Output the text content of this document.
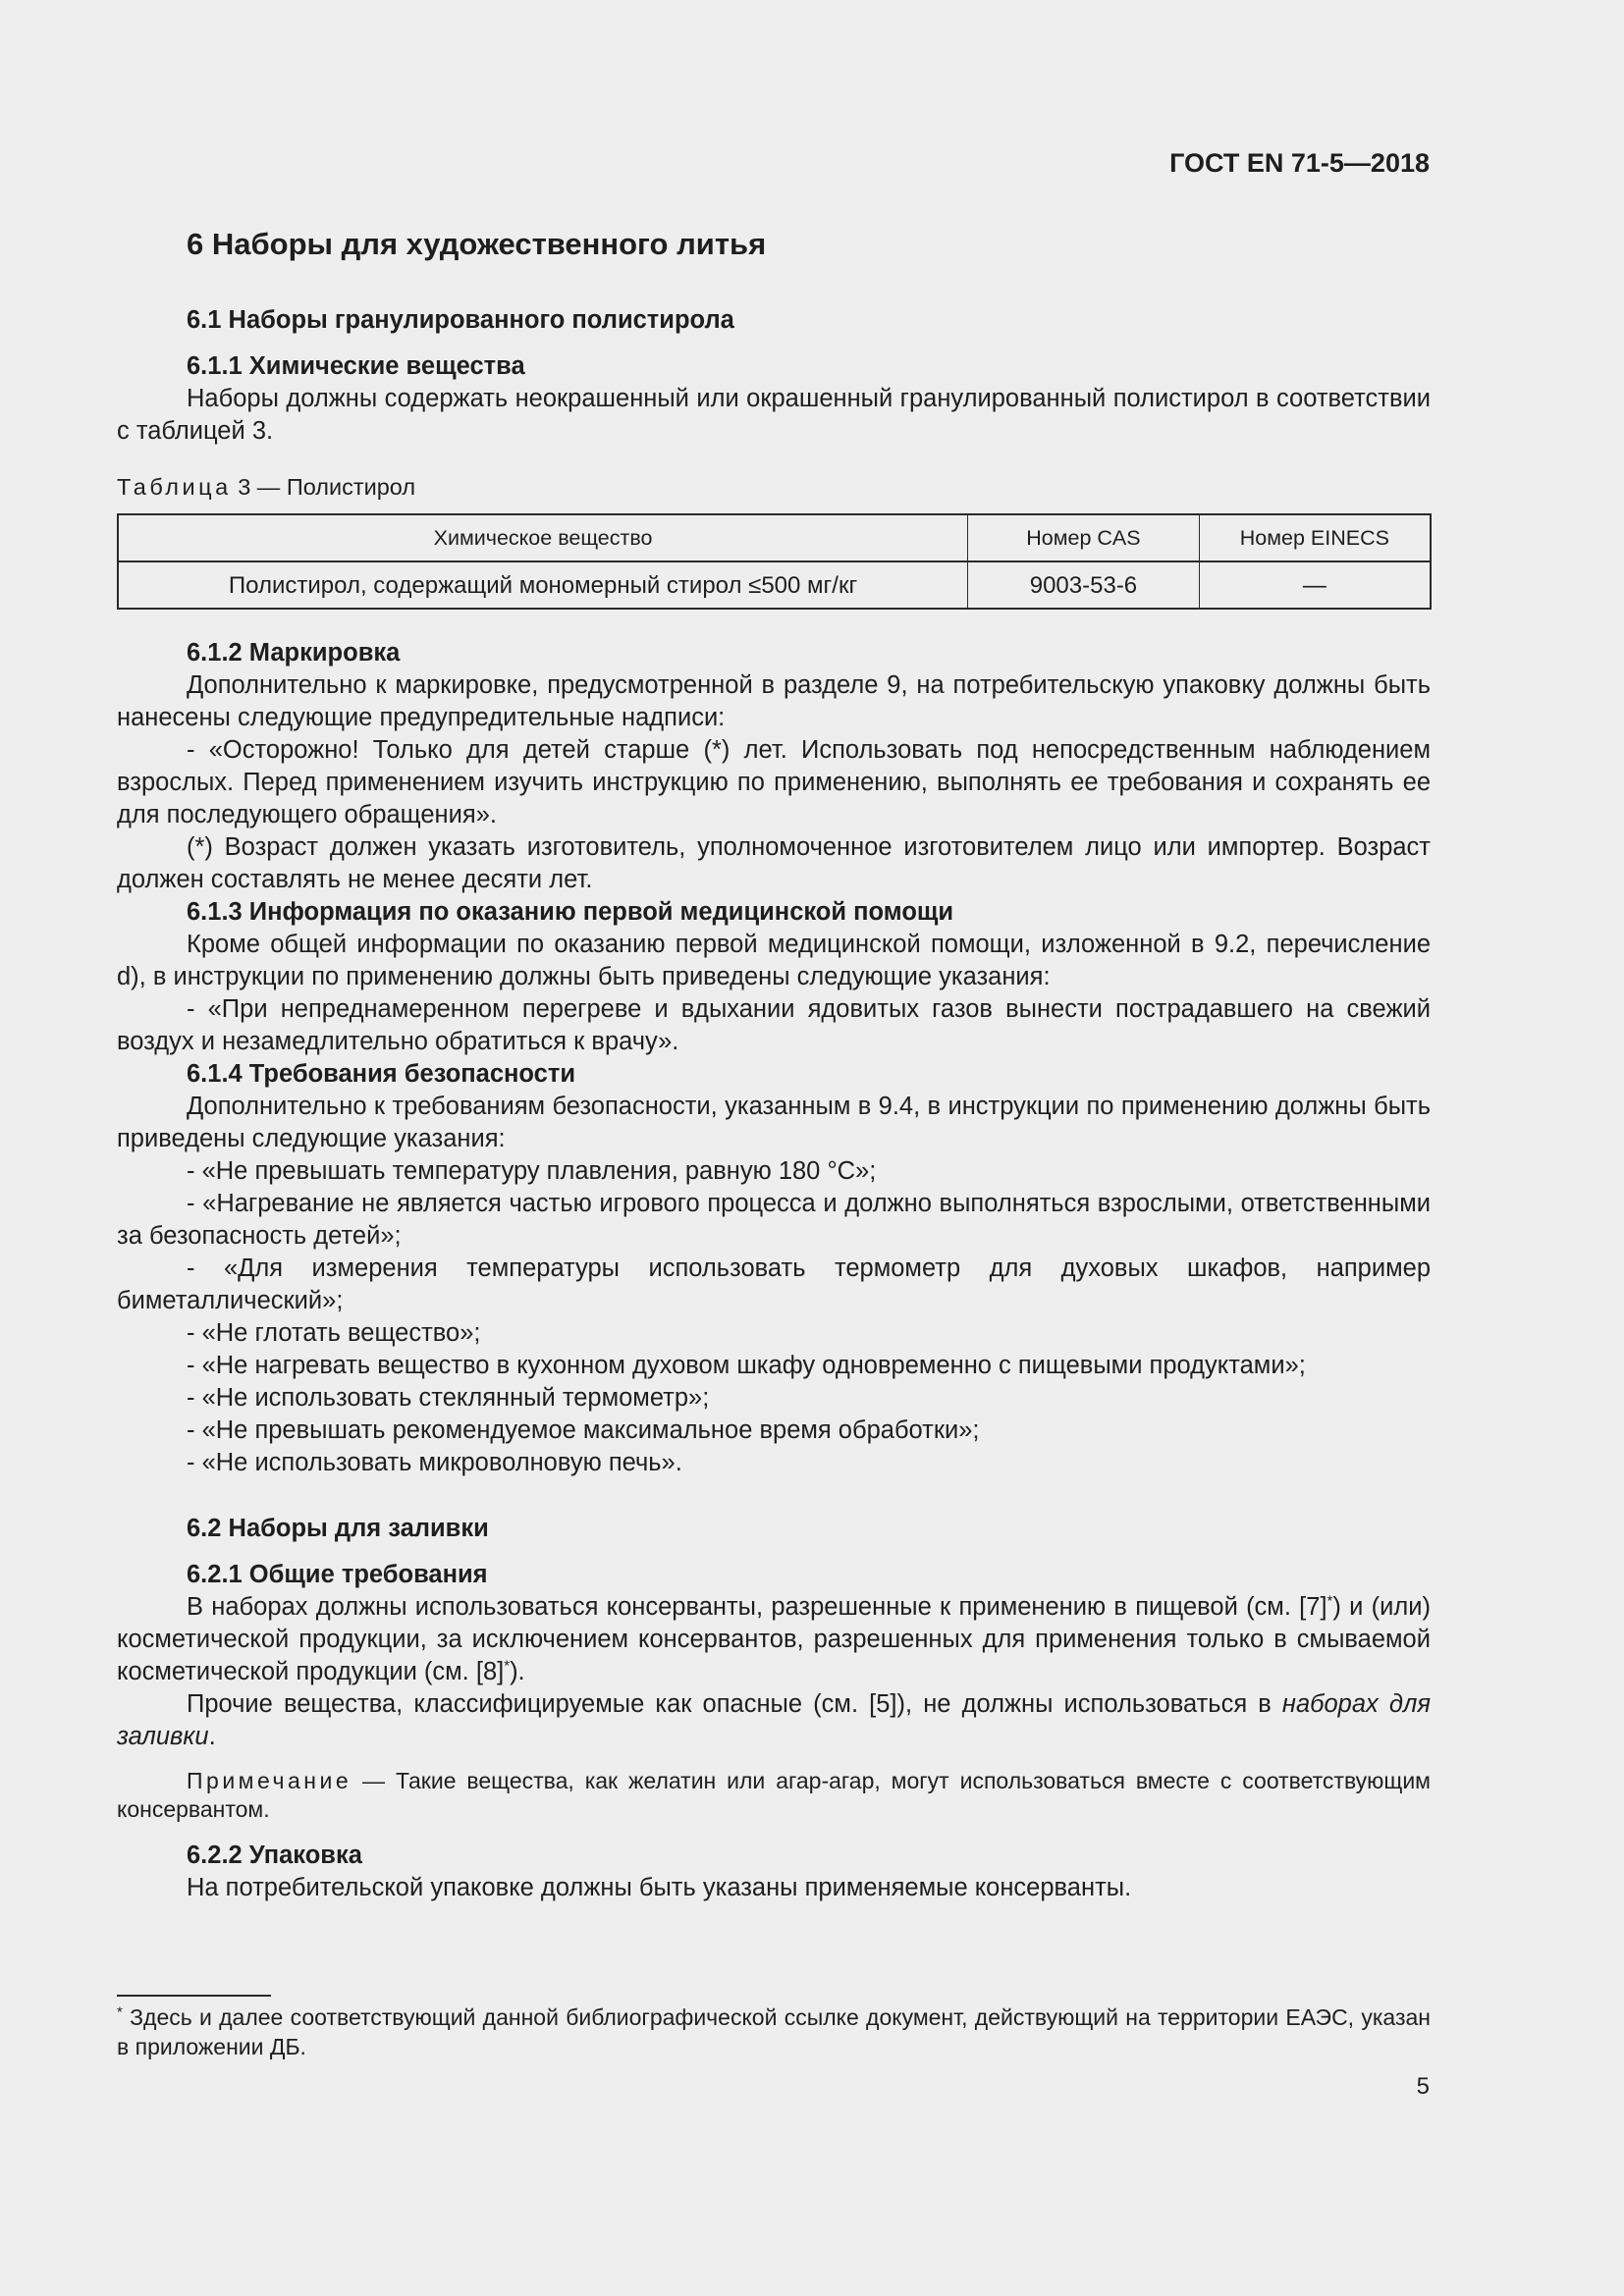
ГОСТ EN 71-5—2018

6 Наборы для художественного литья

6.1 Наборы гранулированного полистирола

6.1.1 Химические вещества

Наборы должны содержать неокрашенный или окрашенный гранулированный полистирол в соответствии с таблицей 3.

Таблица 3 — Полистирол

Химическое вещество	Номер CAS	Номер EINECS
Полистирол, содержащий мономерный стирол ≤500 мг/кг	9003-53-6	—

6.1.2 Маркировка

Дополнительно к маркировке, предусмотренной в разделе 9, на потребительскую упаковку должны быть нанесены следующие предупредительные надписи:

- «Осторожно! Только для детей старше (*) лет. Использовать под непосредственным наблюдением взрослых. Перед применением изучить инструкцию по применению, выполнять ее требования и сохранять ее для последующего обращения».

(*) Возраст должен указать изготовитель, уполномоченное изготовителем лицо или импортер. Возраст должен составлять не менее десяти лет.

6.1.3 Информация по оказанию первой медицинской помощи

Кроме общей информации по оказанию первой медицинской помощи, изложенной в 9.2, перечисление d), в инструкции по применению должны быть приведены следующие указания:

- «При непреднамеренном перегреве и вдыхании ядовитых газов вынести пострадавшего на свежий воздух и незамедлительно обратиться к врачу».

6.1.4 Требования безопасности

Дополнительно к требованиям безопасности, указанным в 9.4, в инструкции по применению должны быть приведены следующие указания:

- «Не превышать температуру плавления, равную 180 °С»;

- «Нагревание не является частью игрового процесса и должно выполняться взрослыми, ответственными за безопасность детей»;

- «Для измерения температуры использовать термометр для духовых шкафов, например биметаллический»;

- «Не глотать вещество»;

- «Не нагревать вещество в кухонном духовом шкафу одновременно с пищевыми продуктами»;

- «Не использовать стеклянный термометр»;

- «Не превышать рекомендуемое максимальное время обработки»;

- «Не использовать микроволновую печь».

6.2 Наборы для заливки

6.2.1 Общие требования

В наборах должны использоваться консерванты, разрешенные к применению в пищевой (см. [7]*) и (или) косметической продукции, за исключением консервантов, разрешенных для применения только в смываемой косметической продукции (см. [8]*).

Прочие вещества, классифицируемые как опасные (см. [5]), не должны использоваться в наборах для заливки.

Примечание — Такие вещества, как желатин или агар-агар, могут использоваться вместе с соответствующим консервантом.

6.2.2 Упаковка

На потребительской упаковке должны быть указаны применяемые консерванты.

* Здесь и далее соответствующий данной библиографической ссылке документ, действующий на территории ЕАЭС, указан в приложении ДБ.
5
